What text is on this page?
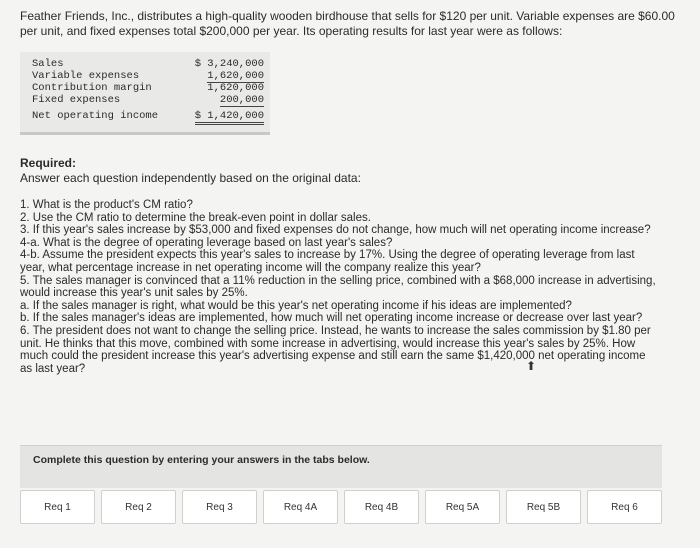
Feather Friends, Inc., distributes a high-quality wooden birdhouse that sells for $120 per unit. Variable expenses are $60.00 per unit, and fixed expenses total $200,000 per year. Its operating results for last year were as follows:
Sales	$ 3,240,000
Variable expenses	1,620,000
Contribution margin	1,620,000
Fixed expenses	200,000
Net operating income	$ 1,420,000
Required:
Answer each question independently based on the original data:
1. What is the product's CM ratio?
2. Use the CM ratio to determine the break-even point in dollar sales.
3. If this year's sales increase by $53,000 and fixed expenses do not change, how much will net operating income increase?
4-a. What is the degree of operating leverage based on last year's sales?
4-b. Assume the president expects this year's sales to increase by 17%. Using the degree of operating leverage from last year, what percentage increase in net operating income will the company realize this year?
5. The sales manager is convinced that a 11% reduction in the selling price, combined with a $68,000 increase in advertising, would increase this year's unit sales by 25%.
a. If the sales manager is right, what would be this year's net operating income if his ideas are implemented?
b. If the sales manager's ideas are implemented, how much will net operating income increase or decrease over last year?
6. The president does not want to change the selling price. Instead, he wants to increase the sales commission by $1.80 per unit. He thinks that this move, combined with some increase in advertising, would increase this year's sales by 25%. How much could the president increase this year's advertising expense and still earn the same $1,420,000 net operating income as last year?	⬆
Complete this question by entering your answers in the tabs below.
Req 1	Req 2	Req 3	Req 4A	Req 4B	Req 5A	Req 5B	Req 6
